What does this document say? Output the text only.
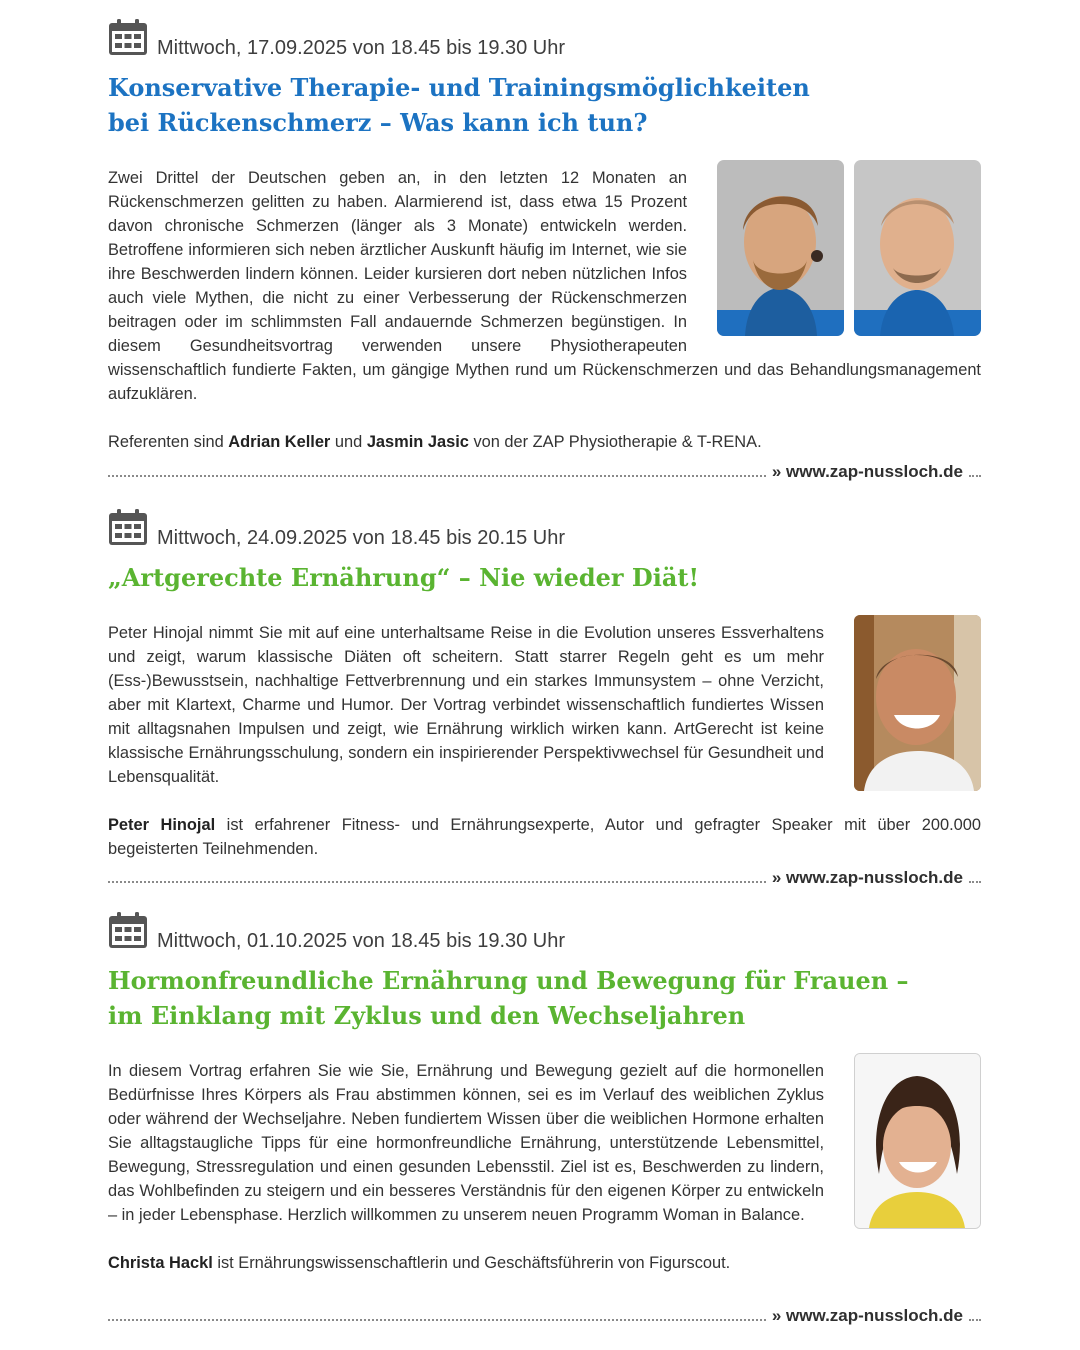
Mittwoch, 17.09.2025 von 18.45 bis 19.30 Uhr
Konservative Therapie- und Trainingsmöglichkeiten
bei Rückenschmerz – Was kann ich tun?

Zwei Drittel der Deutschen geben an, in den letzten 12 Monaten an Rückenschmerzen gelitten zu haben. Alarmierend ist, dass etwa 15 Prozent davon chronische Schmerzen (länger als 3 Monate) entwickeln werden. Betroffene informieren sich neben ärztlicher Auskunft häufig im Internet, wie sie ihre Beschwerden lindern können. Leider kursieren dort neben nützlichen Infos auch viele Mythen, die nicht zu einer Verbesserung der Rückenschmerzen beitragen oder im schlimmsten Fall andauernde Schmerzen begünstigen. In diesem Gesundheitsvortrag verwenden unsere Physiotherapeuten wissenschaftlich fundierte Fakten, um gängige Mythen rund um Rückenschmerzen und das Behandlungsmanagement aufzuklären.

Referenten sind Adrian Keller und Jasmin Jasic von der ZAP Physiotherapie & T-RENA.

» www.zap-nussloch.de
Mittwoch, 24.09.2025 von 18.45 bis 20.15 Uhr
„Artgerechte Ernährung“ – Nie wieder Diät!

Peter Hinojal nimmt Sie mit auf eine unterhaltsame Reise in die Evolution unseres Essverhaltens und zeigt, warum klassische Diäten oft scheitern. Statt starrer Regeln geht es um mehr (Ess-)Bewusstsein, nachhaltige Fettverbrennung und ein starkes Immunsystem – ohne Verzicht, aber mit Klartext, Charme und Humor. Der Vortrag verbindet wissenschaftlich fundiertes Wissen mit alltagsnahen Impulsen und zeigt, wie Ernährung wirklich wirken kann. ArtGerecht ist keine klassische Ernährungsschulung, sondern ein inspirierender Perspektivwechsel für Gesundheit und Lebensqualität.

Peter Hinojal ist erfahrener Fitness- und Ernährungsexperte, Autor und gefragter Speaker mit über 200.000 begeisterten Teilnehmenden.

» www.zap-nussloch.de
Mittwoch, 01.10.2025 von 18.45 bis 19.30 Uhr
Hormonfreundliche Ernährung und Bewegung für Frauen –
im Einklang mit Zyklus und den Wechseljahren

In diesem Vortrag erfahren Sie wie Sie, Ernährung und Bewegung gezielt auf die hormonellen Bedürfnisse Ihres Körpers als Frau abstimmen können, sei es im Verlauf des weiblichen Zyklus oder während der Wechseljahre. Neben fundiertem Wissen über die weiblichen Hormone erhalten Sie alltagstaugliche Tipps für eine hormonfreundliche Ernährung, unterstützende Lebensmittel, Bewegung, Stressregulation und einen gesunden Lebensstil. Ziel ist es, Beschwerden zu lindern, das Wohlbefinden zu steigern und ein besseres Verständnis für den eigenen Körper zu entwickeln – in jeder Lebensphase. Herzlich willkommen zu unserem neuen Programm Woman in Balance.

Christa Hackl ist Ernährungswissenschaftlerin und Geschäftsführerin von Figurscout.

» www.zap-nussloch.de
